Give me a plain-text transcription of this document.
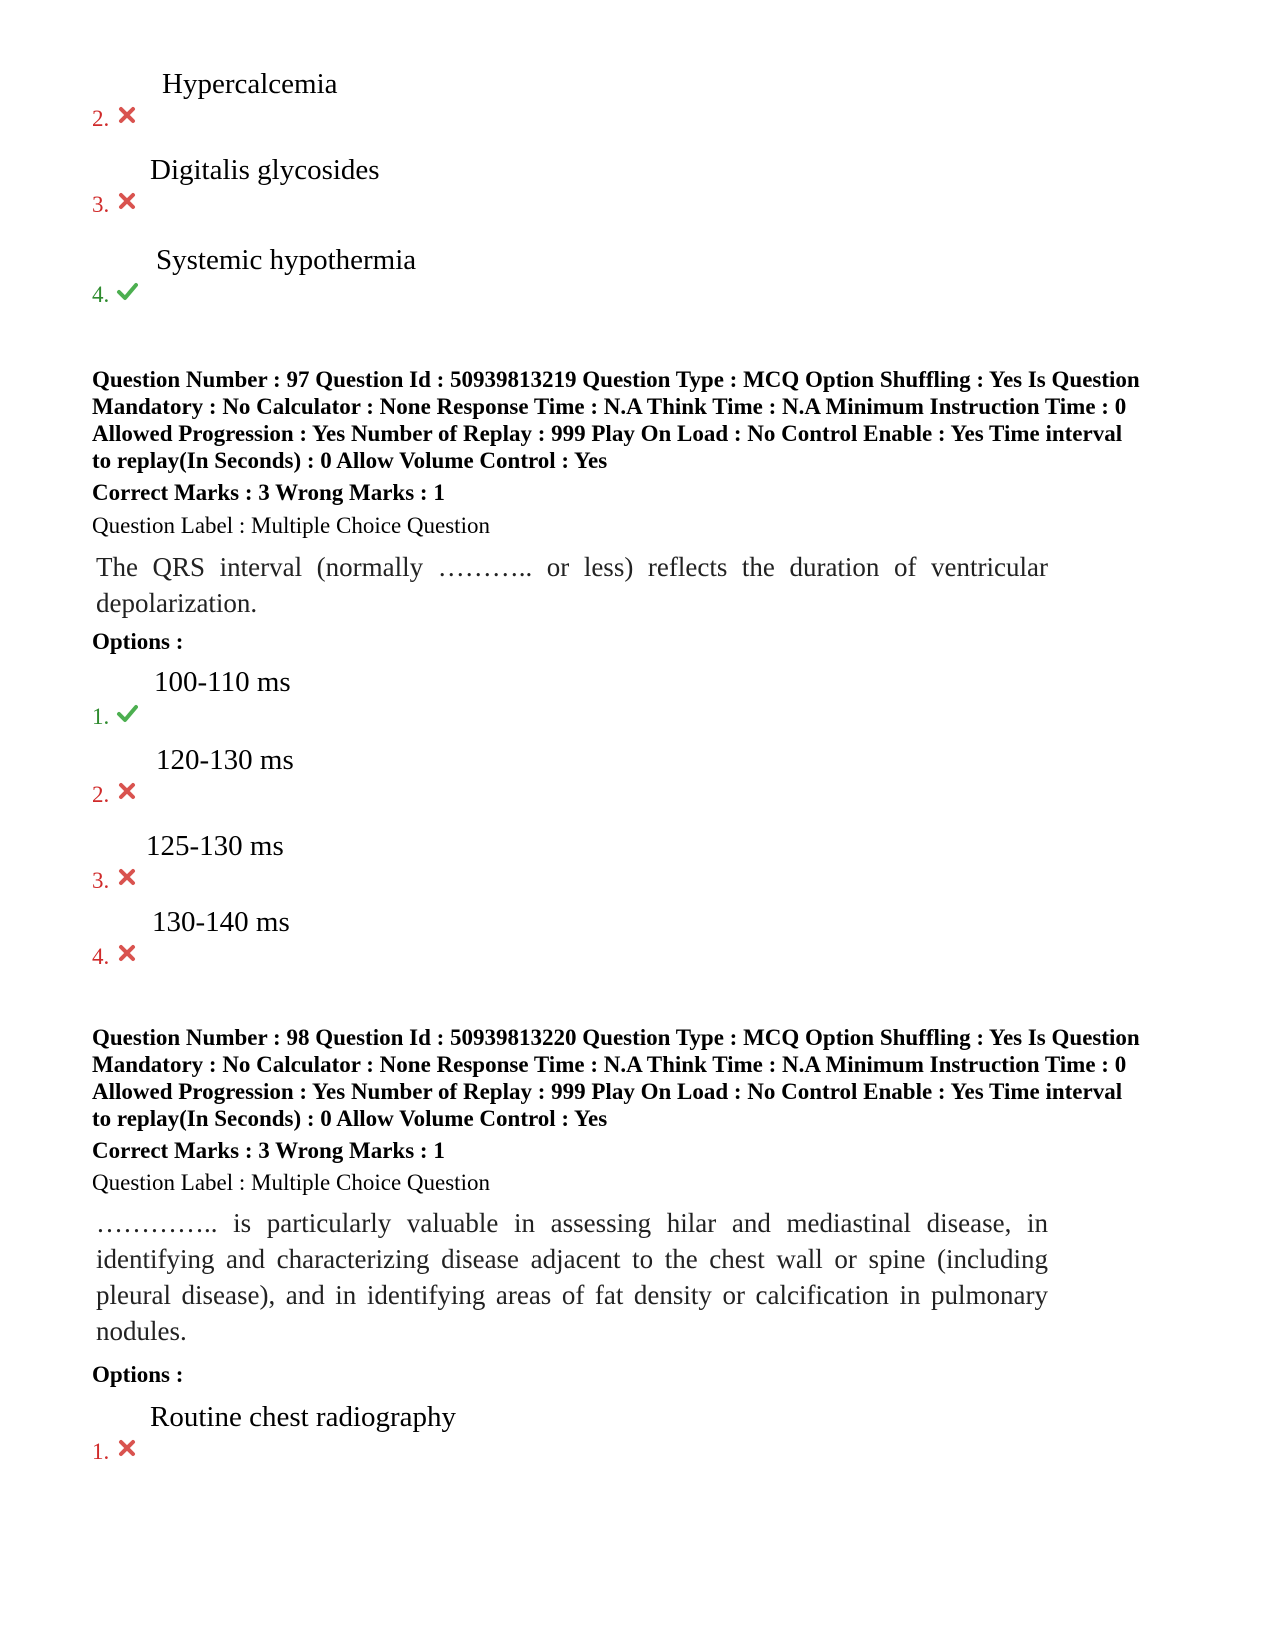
2.
Hypercalcemia
3.
Digitalis glycosides
4.
Systemic hypothermia
Question Number : 97 Question Id : 50939813219 Question Type : MCQ Option Shuffling : Yes Is Question Mandatory : No Calculator : None Response Time : N.A Think Time : N.A Minimum Instruction Time : 0 Allowed Progression : Yes Number of Replay : 999 Play On Load : No Control Enable : Yes Time interval to replay(In Seconds) : 0 Allow Volume Control : Yes
Correct Marks : 3 Wrong Marks : 1
Question Label : Multiple Choice Question
The QRS interval (normally ……….. or less) reflects the duration of ventricular depolarization.
Options :
1.
100-110 ms
2.
120-130 ms
3.
125-130 ms
4.
130-140 ms
Question Number : 98 Question Id : 50939813220 Question Type : MCQ Option Shuffling : Yes Is Question Mandatory : No Calculator : None Response Time : N.A Think Time : N.A Minimum Instruction Time : 0 Allowed Progression : Yes Number of Replay : 999 Play On Load : No Control Enable : Yes Time interval to replay(In Seconds) : 0 Allow Volume Control : Yes
Correct Marks : 3 Wrong Marks : 1
Question Label : Multiple Choice Question
………….. is particularly valuable in assessing hilar and mediastinal disease, in identifying and characterizing disease adjacent to the chest wall or spine (including pleural disease), and in identifying areas of fat density or calcification in pulmonary nodules.
Options :
1.
Routine chest radiography
